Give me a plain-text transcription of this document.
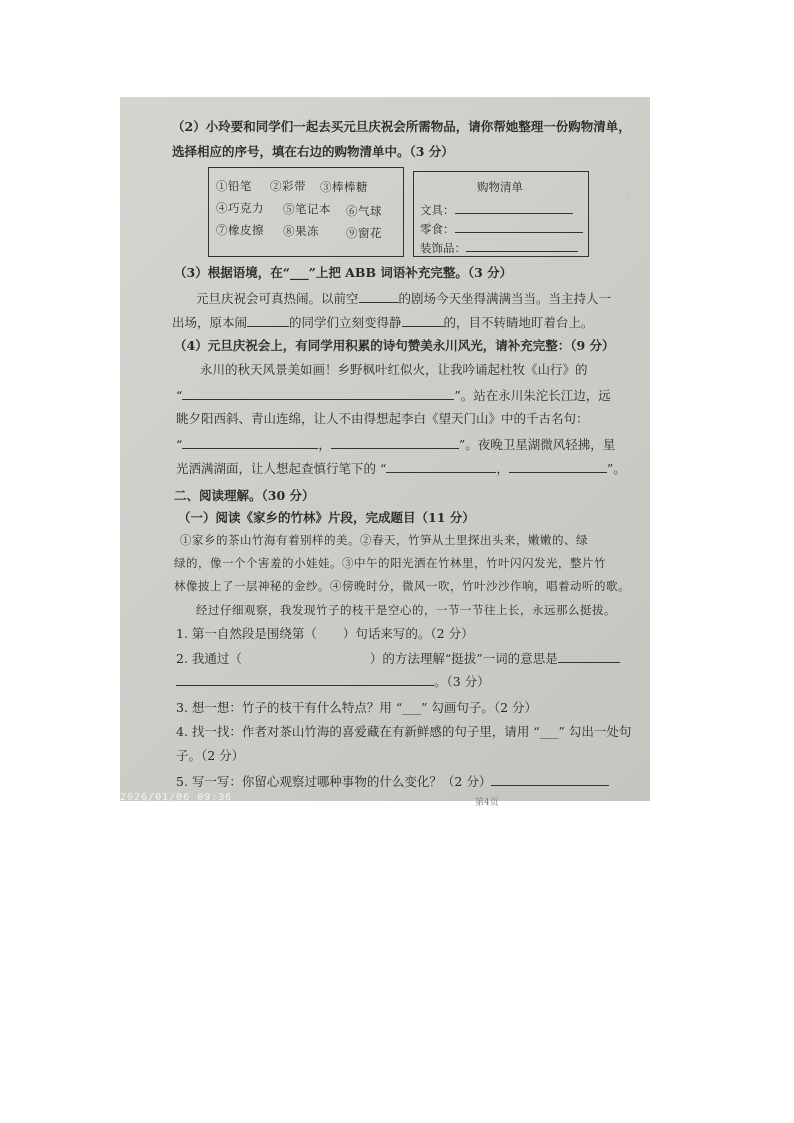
⁞⁞
（2）小玲要和同学们一起去买元旦庆祝会所需物品，请你帮她整理一份购物清单，
选择相应的序号，填在右边的购物清单中。（3 分）
①铅笔 ②彩带 ③棒棒糖
④巧克力 ⑤笔记本 ⑥气球
⑦橡皮擦 ⑧果冻 ⑨窗花
购物清单
文具：
零食：
装饰品：
（3）根据语境，在“___”上把 ABB 词语补充完整。（3 分）
元旦庆祝会可真热闹。以前空	的剧场今天坐得满满当当。当主持人一
出场，原本闹	的同学们立刻变得静	的，目不转睛地盯着台上。
（4）元旦庆祝会上，有同学用积累的诗句赞美永川风光，请补充完整：（9 分）
永川的秋天风景美如画！乡野枫叶红似火，让我吟诵起杜牧《山行》的
“	”。站在永川朱沱长江边，远
眺夕阳西斜、青山连绵，让人不由得想起李白《望天门山》中的千古名句：
“	，	”。夜晚卫星湖微风轻拂，星
光洒满湖面，让人想起查慎行笔下的 “	，	”。
二、阅读理解。（30 分）
（一）阅读《家乡的竹林》片段，完成题目（11 分）
①家乡的茶山竹海有着别样的美。②春天，竹笋从土里探出头来，嫩嫩的、绿
绿的，像一个个害羞的小娃娃。③中午的阳光洒在竹林里，竹叶闪闪发光，整片竹
林像披上了一层神秘的金纱。④傍晚时分，微风一吹，竹叶沙沙作响，唱着动听的歌。
经过仔细观察，我发现竹子的枝干是空心的，一节一节往上长，永远那么挺拔。
1. 第一自然段是围绕第（ ）句话来写的。（2 分）
2. 我通过（	）的方法理解“挺拔”一词的意思是
。（3 分）
3. 想一想：竹子的枝干有什么特点？用 “___” 勾画句子。（2 分）
4. 找一找：作者对茶山竹海的喜爱藏在有新鲜感的句子里，请用 “___” 勾出一处句
子。（2 分）
5. 写一写：你留心观察过哪种事物的什么变化？（2 分）
第4页
2026/01/06 09:36
